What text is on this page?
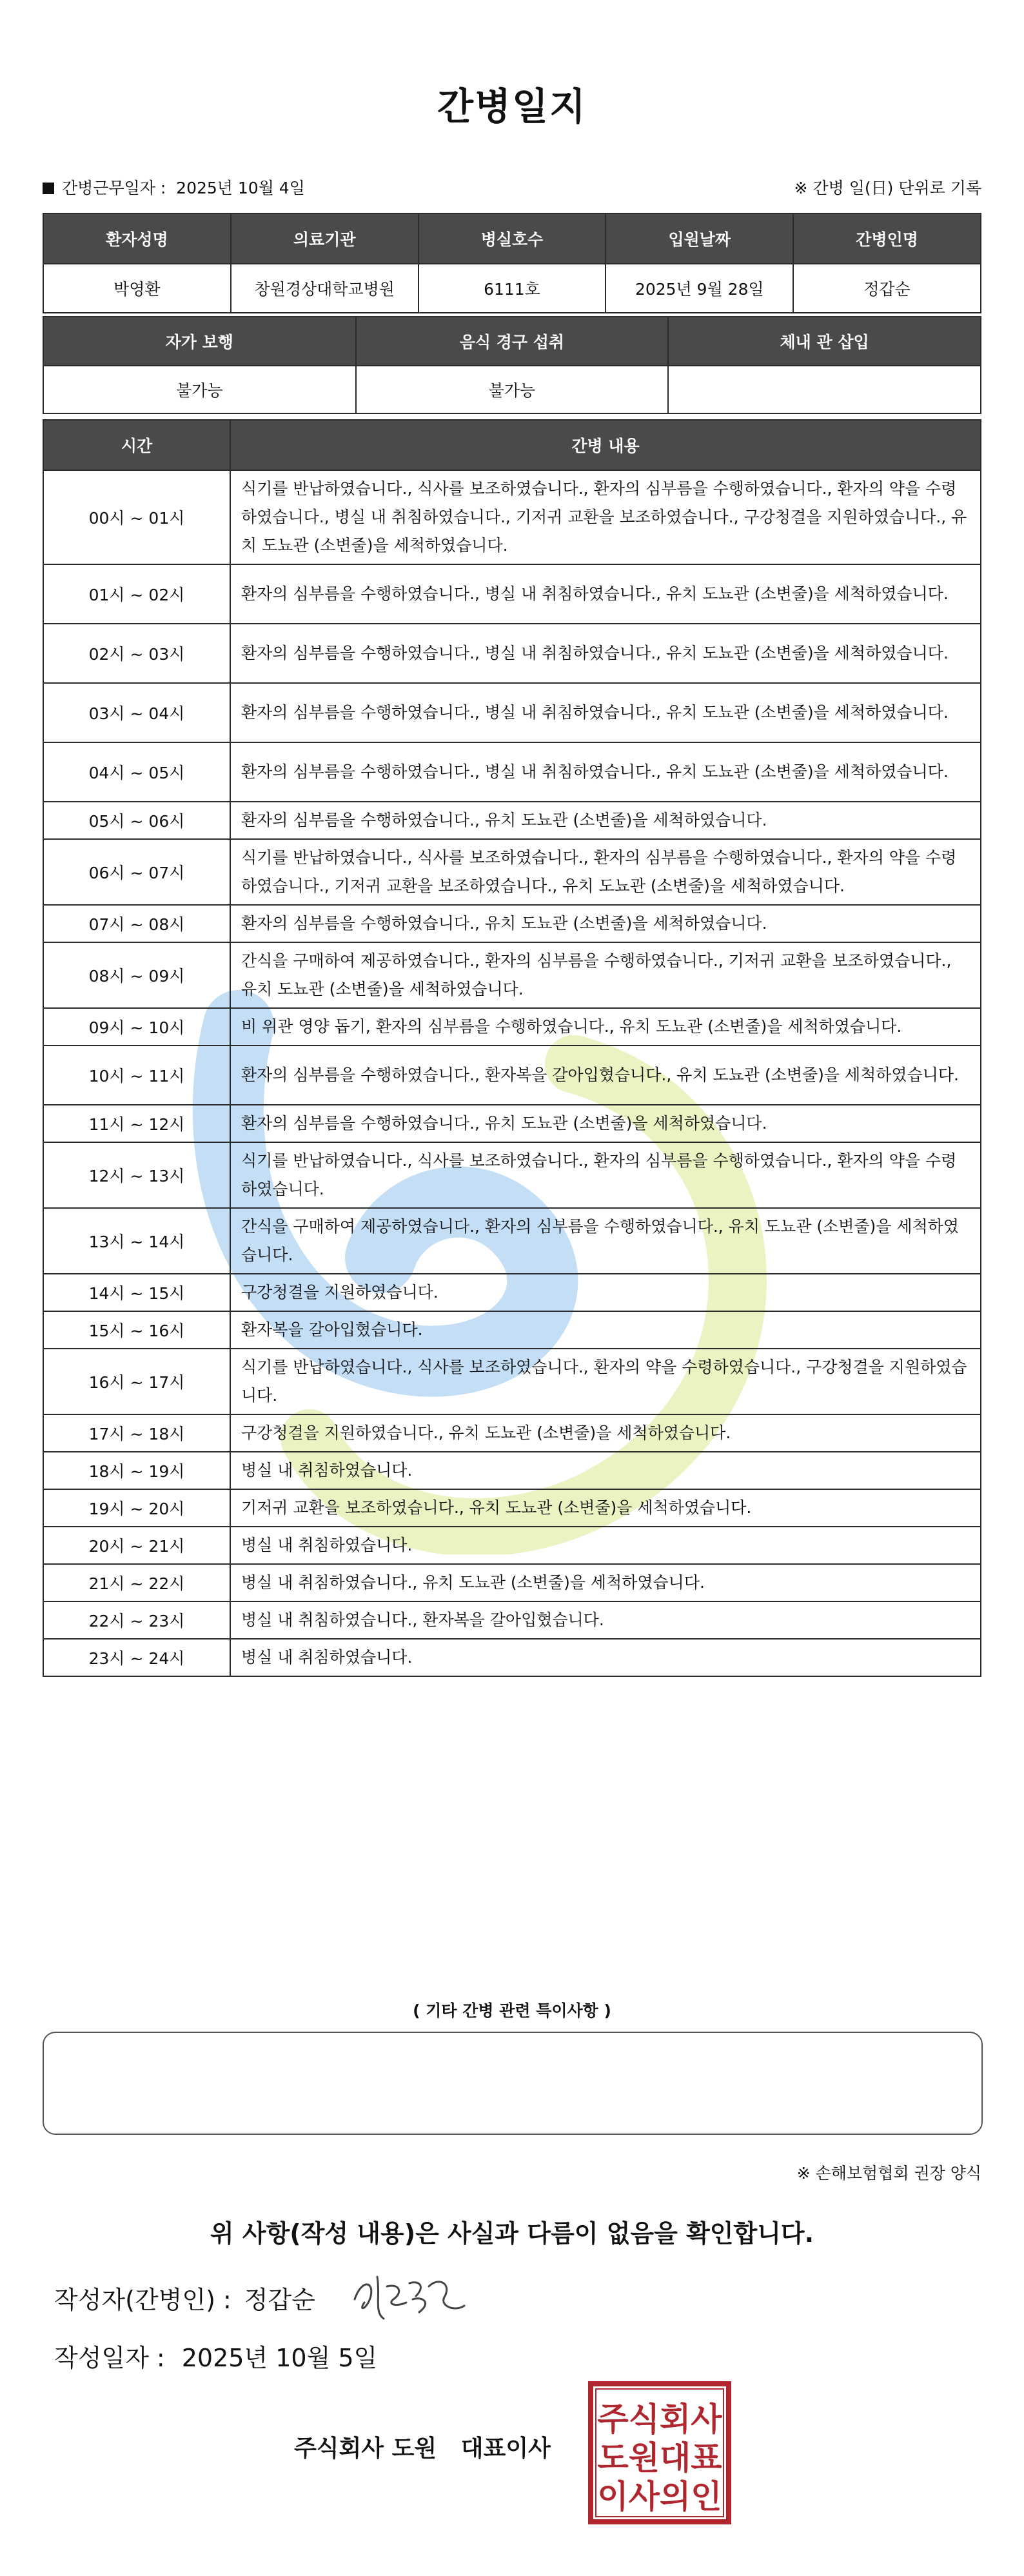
간병일지
간병근무일자 :  2025년 10월 4일	※ 간병 일(日) 단위로 기록
환자성명	의료기관	병실호수	입원날짜	간병인명
박영환	창원경상대학교병원	6111호	2025년 9월 28일	정갑순
자가 보행	음식 경구 섭취	체내 관 삽입
불가능	불가능	
시간	간병 내용
00시 ~ 01시	식기를 반납하였습니다., 식사를 보조하였습니다., 환자의 심부름을 수행하였습니다., 환자의 약을 수령하였습니다., 병실 내 취침하였습니다., 기저귀 교환을 보조하였습니다., 구강청결을 지원하였습니다., 유치 도뇨관 (소변줄)을 세척하였습니다.
01시 ~ 02시	환자의 심부름을 수행하였습니다., 병실 내 취침하였습니다., 유치 도뇨관 (소변줄)을 세척하였습니다.
02시 ~ 03시	환자의 심부름을 수행하였습니다., 병실 내 취침하였습니다., 유치 도뇨관 (소변줄)을 세척하였습니다.
03시 ~ 04시	환자의 심부름을 수행하였습니다., 병실 내 취침하였습니다., 유치 도뇨관 (소변줄)을 세척하였습니다.
04시 ~ 05시	환자의 심부름을 수행하였습니다., 병실 내 취침하였습니다., 유치 도뇨관 (소변줄)을 세척하였습니다.
05시 ~ 06시	환자의 심부름을 수행하였습니다., 유치 도뇨관 (소변줄)을 세척하였습니다.
06시 ~ 07시	식기를 반납하였습니다., 식사를 보조하였습니다., 환자의 심부름을 수행하였습니다., 환자의 약을 수령하였습니다., 기저귀 교환을 보조하였습니다., 유치 도뇨관 (소변줄)을 세척하였습니다.
07시 ~ 08시	환자의 심부름을 수행하였습니다., 유치 도뇨관 (소변줄)을 세척하였습니다.
08시 ~ 09시	간식을 구매하여 제공하였습니다., 환자의 심부름을 수행하였습니다., 기저귀 교환을 보조하였습니다., 유치 도뇨관 (소변줄)을 세척하였습니다.
09시 ~ 10시	비 위관 영양 돕기, 환자의 심부름을 수행하였습니다., 유치 도뇨관 (소변줄)을 세척하였습니다.
10시 ~ 11시	환자의 심부름을 수행하였습니다., 환자복을 갈아입혔습니다., 유치 도뇨관 (소변줄)을 세척하였습니다.
11시 ~ 12시	환자의 심부름을 수행하였습니다., 유치 도뇨관 (소변줄)을 세척하였습니다.
12시 ~ 13시	식기를 반납하였습니다., 식사를 보조하였습니다., 환자의 심부름을 수행하였습니다., 환자의 약을 수령하였습니다.
13시 ~ 14시	간식을 구매하여 제공하였습니다., 환자의 심부름을 수행하였습니다., 유치 도뇨관 (소변줄)을 세척하였습니다.
14시 ~ 15시	구강청결을 지원하였습니다.
15시 ~ 16시	환자복을 갈아입혔습니다.
16시 ~ 17시	식기를 반납하였습니다., 식사를 보조하였습니다., 환자의 약을 수령하였습니다., 구강청결을 지원하였습니다.
17시 ~ 18시	구강청결을 지원하였습니다., 유치 도뇨관 (소변줄)을 세척하였습니다.
18시 ~ 19시	병실 내 취침하였습니다.
19시 ~ 20시	기저귀 교환을 보조하였습니다., 유치 도뇨관 (소변줄)을 세척하였습니다.
20시 ~ 21시	병실 내 취침하였습니다.
21시 ~ 22시	병실 내 취침하였습니다., 유치 도뇨관 (소변줄)을 세척하였습니다.
22시 ~ 23시	병실 내 취침하였습니다., 환자복을 갈아입혔습니다.
23시 ~ 24시	병실 내 취침하였습니다.
( 기타 간병 관련 특이사항 )
※ 손해보험협회 권장 양식
위 사항(작성 내용)은 사실과 다름이 없음을 확인합니다.
작성자(간병인) : 정갑순
작성일자 : 2025년 10월 5일
주식회사 도원   대표이사
주식회사
도원대표
이사의인
